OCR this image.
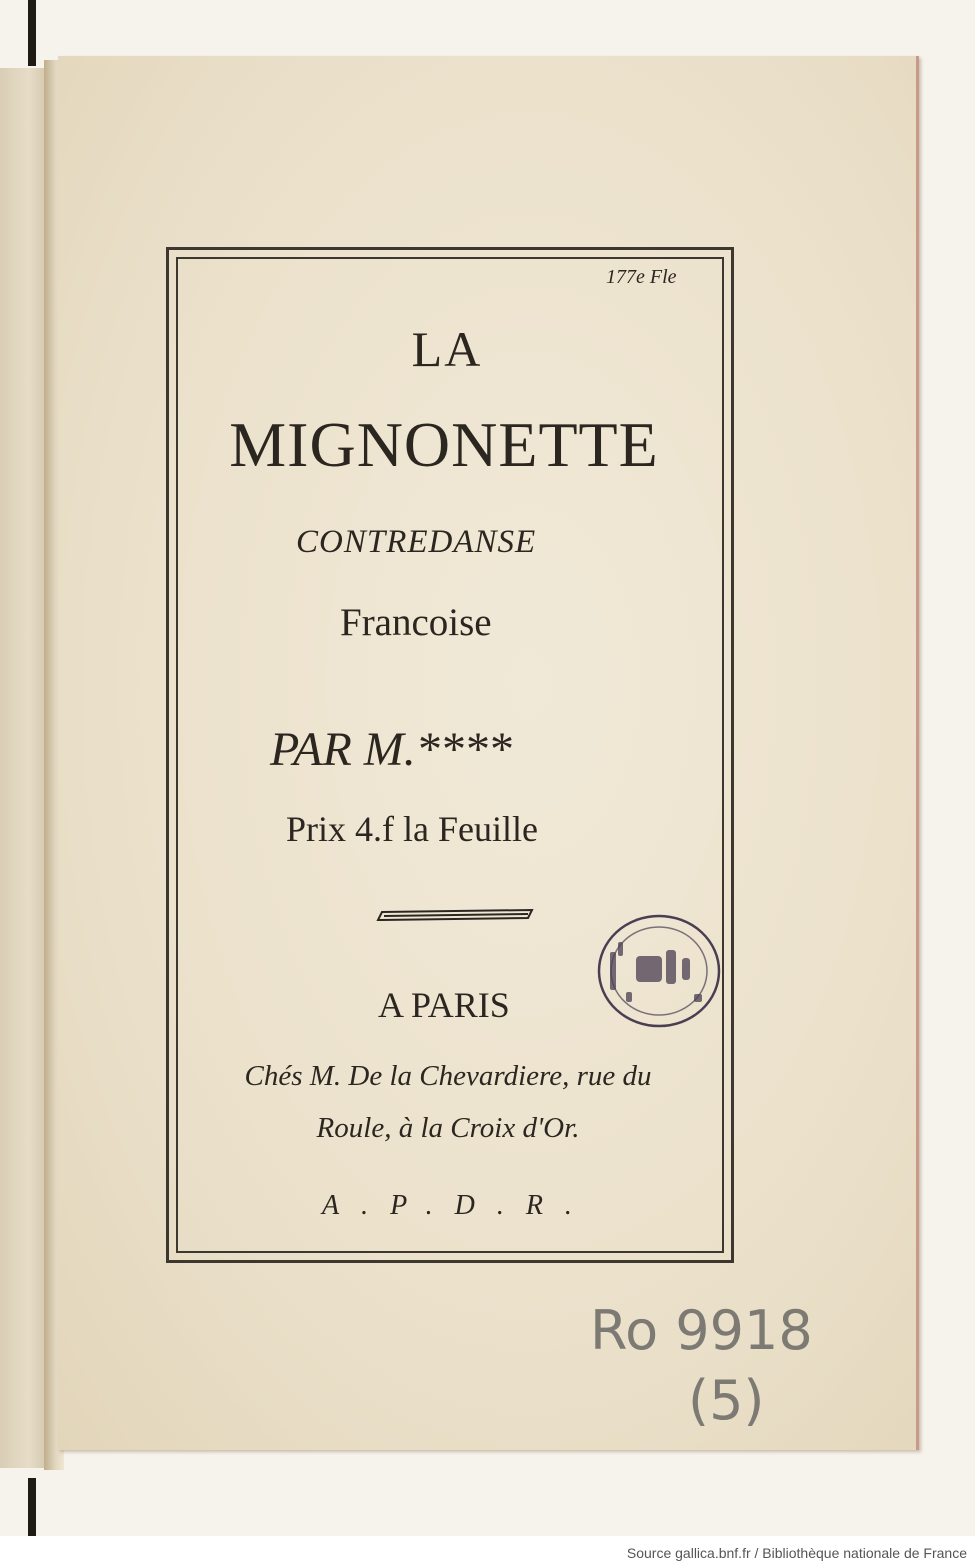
177e Fle
LA
MIGNONETTE
CONTREDANSE
Francoise
PAR M.****
Prix 4.f la Feuille
A PARIS
Chés M. De la Chevardiere, rue du Roule, à la Croix d'Or.
A.P.D.R.
Ro 9918
(5)
Source gallica.bnf.fr / Bibliothèque nationale de France
